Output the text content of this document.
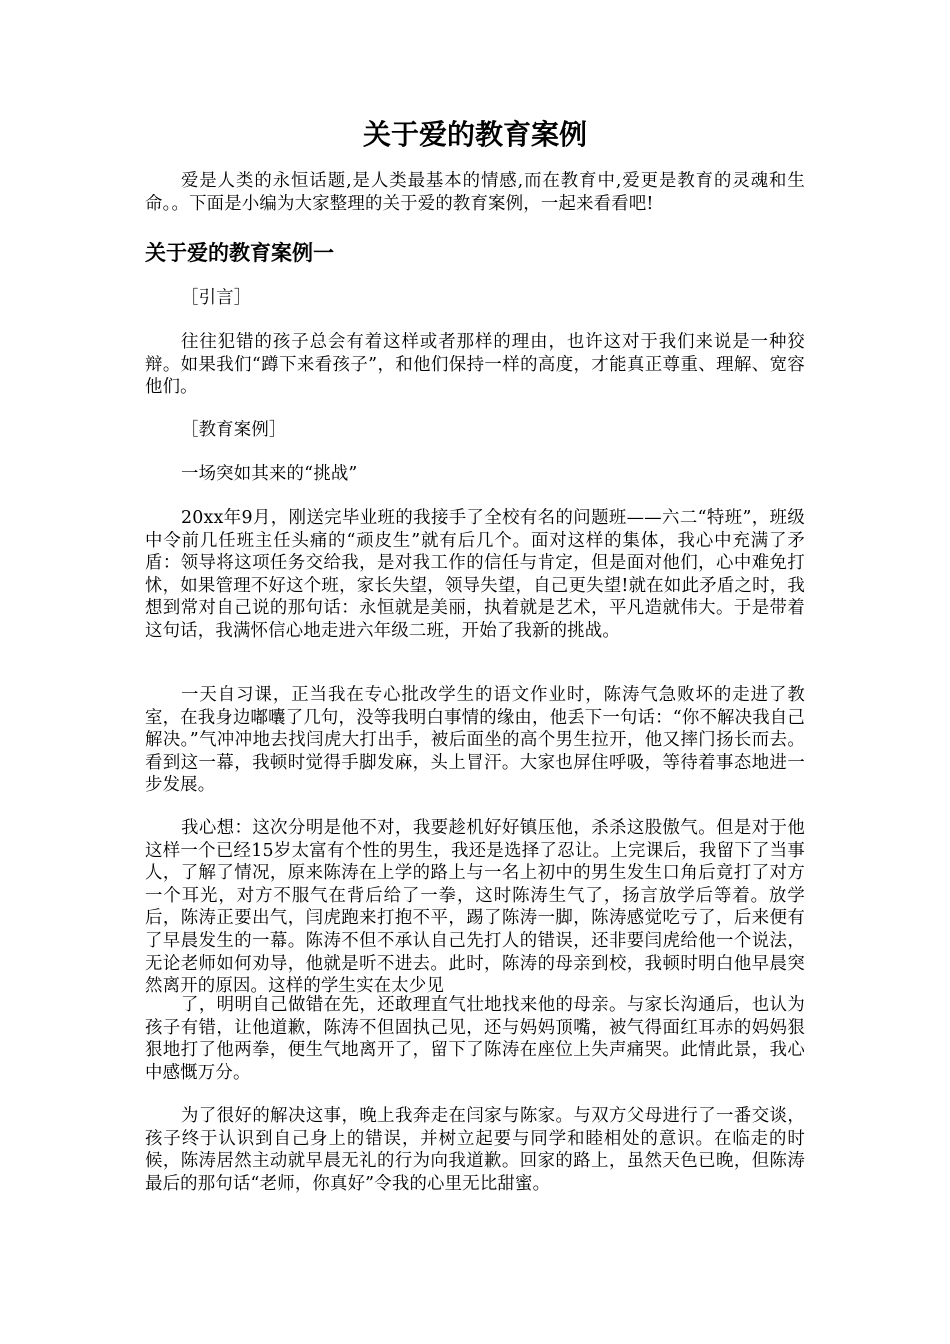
关于爱的教育案例

爱是人类的永恒话题,是人类最基本的情感,而在教育中,爱更是教育的灵魂和生命。。下面是小编为大家整理的关于爱的教育案例，一起来看看吧!

关于爱的教育案例一

［引言］

往往犯错的孩子总会有着这样或者那样的理由，也许这对于我们来说是一种狡辩。如果我们“蹲下来看孩子”，和他们保持一样的高度，才能真正尊重、理解、宽容他们。

［教育案例］

一场突如其来的“挑战”

20xx年9月，刚送完毕业班的我接手了全校有名的问题班——六二“特班”，班级中令前几任班主任头痛的“顽皮生”就有后几个。面对这样的集体，我心中充满了矛盾：领导将这项任务交给我，是对我工作的信任与肯定，但是面对他们，心中难免打怵，如果管理不好这个班，家长失望，领导失望，自己更失望!就在如此矛盾之时，我想到常对自己说的那句话：永恒就是美丽，执着就是艺术，平凡造就伟大。于是带着这句话，我满怀信心地走进六年级二班，开始了我新的挑战。

一天自习课，正当我在专心批改学生的语文作业时，陈涛气急败坏的走进了教室，在我身边嘟囔了几句，没等我明白事情的缘由，他丢下一句话：“你不解决我自己解决。”气冲冲地去找闫虎大打出手，被后面坐的高个男生拉开，他又摔门扬长而去。看到这一幕，我顿时觉得手脚发麻，头上冒汗。大家也屏住呼吸，等待着事态地进一步发展。

我心想：这次分明是他不对，我要趁机好好镇压他，杀杀这股傲气。但是对于他这样一个已经15岁太富有个性的男生，我还是选择了忍让。上完课后，我留下了当事人，了解了情况，原来陈涛在上学的路上与一名上初中的男生发生口角后竟打了对方一个耳光，对方不服气在背后给了一拳，这时陈涛生气了，扬言放学后等着。放学后，陈涛正要出气，闫虎跑来打抱不平，踢了陈涛一脚，陈涛感觉吃亏了，后来便有了早晨发生的一幕。陈涛不但不承认自己先打人的错误，还非要闫虎给他一个说法，无论老师如何劝导，他就是听不进去。此时，陈涛的母亲到校，我顿时明白他早晨突然离开的原因。这样的学生实在太少见

了，明明自己做错在先，还敢理直气壮地找来他的母亲。与家长沟通后，也认为孩子有错，让他道歉，陈涛不但固执己见，还与妈妈顶嘴，被气得面红耳赤的妈妈狠狠地打了他两拳，便生气地离开了，留下了陈涛在座位上失声痛哭。此情此景，我心中感慨万分。

为了很好的解决这事，晚上我奔走在闫家与陈家。与双方父母进行了一番交谈，孩子终于认识到自己身上的错误，并树立起要与同学和睦相处的意识。在临走的时候，陈涛居然主动就早晨无礼的行为向我道歉。回家的路上，虽然天色已晚，但陈涛最后的那句话“老师，你真好”令我的心里无比甜蜜。
